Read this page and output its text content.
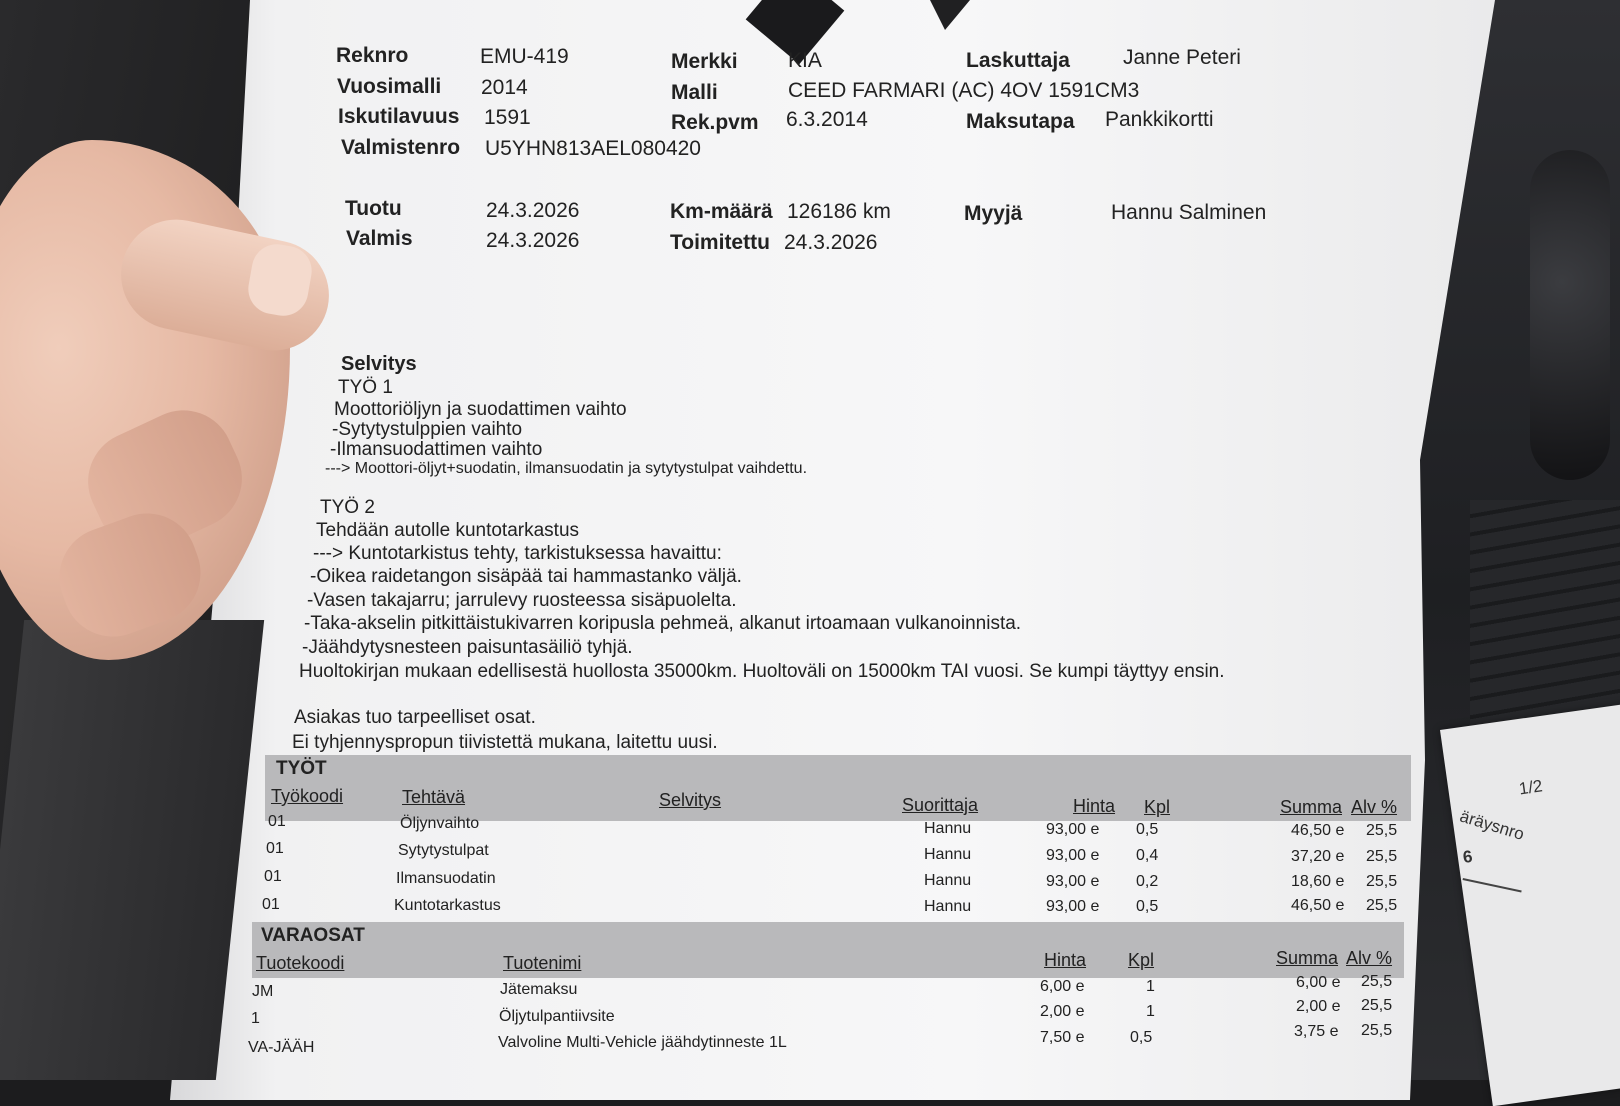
1/2
äräysnro
6
Reknro	EMU-419
Vuosimalli 2014
Iskutilavuus 1591
Valmistenro U5YHN813AEL080420
Merkki KIA
Malli	CEED FARMARI (AC) 4OV 1591CM3
Rek.pvm 6.3.2014
Laskuttaja	Janne Peteri
Maksutapa Pankkikortti
Tuotu	24.3.2026
Valmis	24.3.2026
Km-määrä 126186 km
Toimitettu 24.3.2026
Myyjä	Hannu Salminen
Selvitys
TYÖ 1
Moottoriöljyn ja suodattimen vaihto
-Sytytystulppien vaihto
-Ilmansuodattimen vaihto
---> Moottori-öljyt+suodatin, ilmansuodatin ja sytytystulpat vaihdettu.
TYÖ 2
Tehdään autolle kuntotarkastus
---> Kuntotarkistus tehty, tarkistuksessa havaittu:
-Oikea raidetangon sisäpää tai hammastanko väljä.
-Vasen takajarru; jarrulevy ruosteessa sisäpuolelta.
-Taka-akselin pitkittäistukivarren koripusla pehmeä, alkanut irtoamaan vulkanoinnista.
-Jäähdytysnesteen paisuntasäiliö tyhjä.
Huoltokirjan mukaan edellisestä huollosta 35000km. Huoltoväli on 15000km TAI vuosi. Se kumpi täyttyy ensin.
Asiakas tuo tarpeelliset osat.
Ei tyhjennyspropun tiivistettä mukana, laitettu uusi.
TYÖT
Työkoodi	Tehtävä	Selvitys	Suorittaja	Hinta Kpl	Summa Alv %
01	Öljynvaihto	Hannu	93,00 e 0,5	46,50 e 25,5
01	Sytytystulpat	Hannu	93,00 e 0,4	37,20 e 25,5
01	Ilmansuodatin	Hannu	93,00 e 0,2	18,60 e 25,5
01	Kuntotarkastus	Hannu	93,00 e 0,5	46,50 e 25,5
VARAOSAT
Tuotekoodi	Tuotenimi	Hinta Kpl	Summa Alv %
JM	Jätemaksu	6,00 e	1	6,00 e 25,5
1	Öljytulpantiivsite	2,00 e	1	2,00 e 25,5
VA-JÄÄH	Valvoline Multi-Vehicle jäähdytinneste 1L	7,50 e	0,5	3,75 e 25,5
